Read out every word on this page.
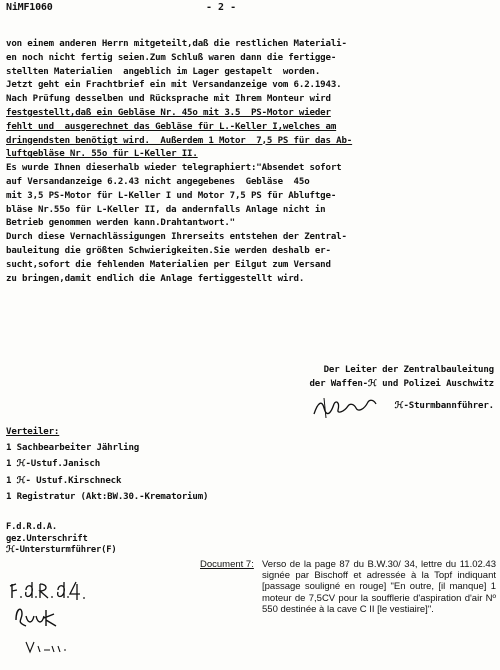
NiMF1060	- 2 -
von einem anderen Herrn mitgeteilt,daß die restlichen Materiali-
en noch nicht fertig seien.Zum Schluß waren dann die fertigge-
stellten Materialien  angeblich im Lager gestapelt  worden.
Jetzt geht ein Frachtbrief ein mit Versandanzeige vom 6.2.1943.
Nach Prüfung desselben und Rücksprache mit Ihrem Monteur wird
festgestellt,daß ein Gebläse Nr. 45o mit 3.5  PS-Motor wieder
fehlt und  ausgerechnet das Gebläse für L.-Keller I,welches am
dringendsten benötigt wird.  Außerdem 1 Motor  7,5 PS für das Ab-
luftgebläse Nr. 55o für L-Keller II.
Es wurde Ihnen dieserhalb wieder telegraphiert:"Absendet sofort
auf Versandanzeige 6.2.43 nicht angegebenes  Gebläse  45o
mit 3,5 PS-Motor für L-Keller I und Motor 7,5 PS für Abluftge-
bläse Nr.55o für L-Keller II, da andernfalls Anlage nicht in
Betrieb genommen werden kann.Drahtantwort."
Durch diese Vernachlässigungen Ihrerseits entstehen der Zentral-
bauleitung die größten Schwierigkeiten.Sie werden deshalb er-
sucht,sofort die fehlenden Materialien per Eilgut zum Versand
zu bringen,damit endlich die Anlage fertiggestellt wird.
Der Leiter der Zentralbauleitung
der Waffen-ℋ und Polizei Auschwitz
ℋ-Sturmbannführer.
Verteiler:
1 Sachbearbeiter Jährling
1 ℋ-Ustuf.Janisch
1 ℋ- Ustuf.Kirschneck
1 Registratur (Akt:BW.30.-Krematorium)
F.d.R.d.A.
gez.Unterschrift
ℋ-Untersturmführer(F)
Document 7: Verso de la page 87 du B.W.30/ 34, lettre du 11.02.43 signée par Bischoff et adressée à la Topf indiquant [passage souligné en rouge] "En outre, [il manque] 1 moteur de 7,5CV pour la soufflerie d'aspiration d'air Nº 550 destinée à la cave C II [le vestiaire]".
